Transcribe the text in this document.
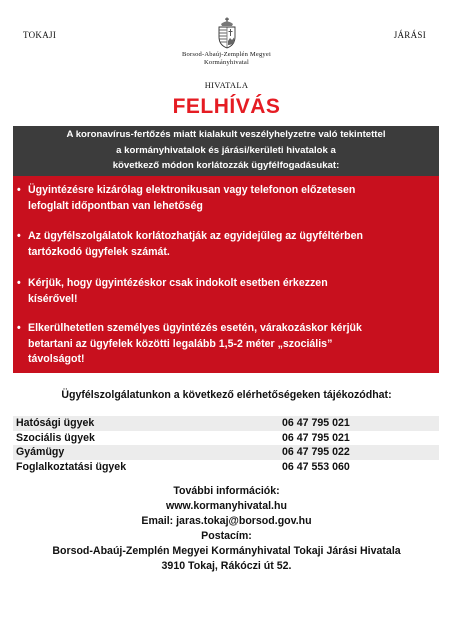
TOKAJI	JÁRÁSI
Borsod-Abaúj-Zemplén Megyei
Kormányhivatal
HIVATALA
FELHÍVÁS
A koronavírus-fertőzés miatt kialakult veszélyhelyzetre való tekintettel
a kormányhivatalok és járási/kerületi hivatalok a
következő módon korlátozzák ügyfélfogadásukat:
• Ügyintézésre kizárólag elektronikusan vagy telefonon előzetesen
lefoglalt időpontban van lehetőség
• Az ügyfélszolgálatok korlátozhatják az egyidejűleg az ügyféltérben
tartózkodó ügyfelek számát.
• Kérjük, hogy ügyintézéskor csak indokolt esetben érkezzen
kísérővel!
• Elkerülhetetlen személyes ügyintézés esetén, várakozáskor kérjük
betartani az ügyfelek közötti legalább 1,5-2 méter „szociális”
távolságot!
Ügyfélszolgálatunkon a következő elérhetőségeken tájékozódhat:
Hatósági ügyek	06 47 795 021
Szociális ügyek	06 47 795 021
Gyámügy	06 47 795 022
Foglalkoztatási ügyek	06 47 553 060
További információk:
www.kormanyhivatal.hu
Email: jaras.tokaj@borsod.gov.hu
Postacím:
Borsod-Abaúj-Zemplén Megyei Kormányhivatal Tokaji Járási Hivatala
3910 Tokaj, Rákóczi út 52.
